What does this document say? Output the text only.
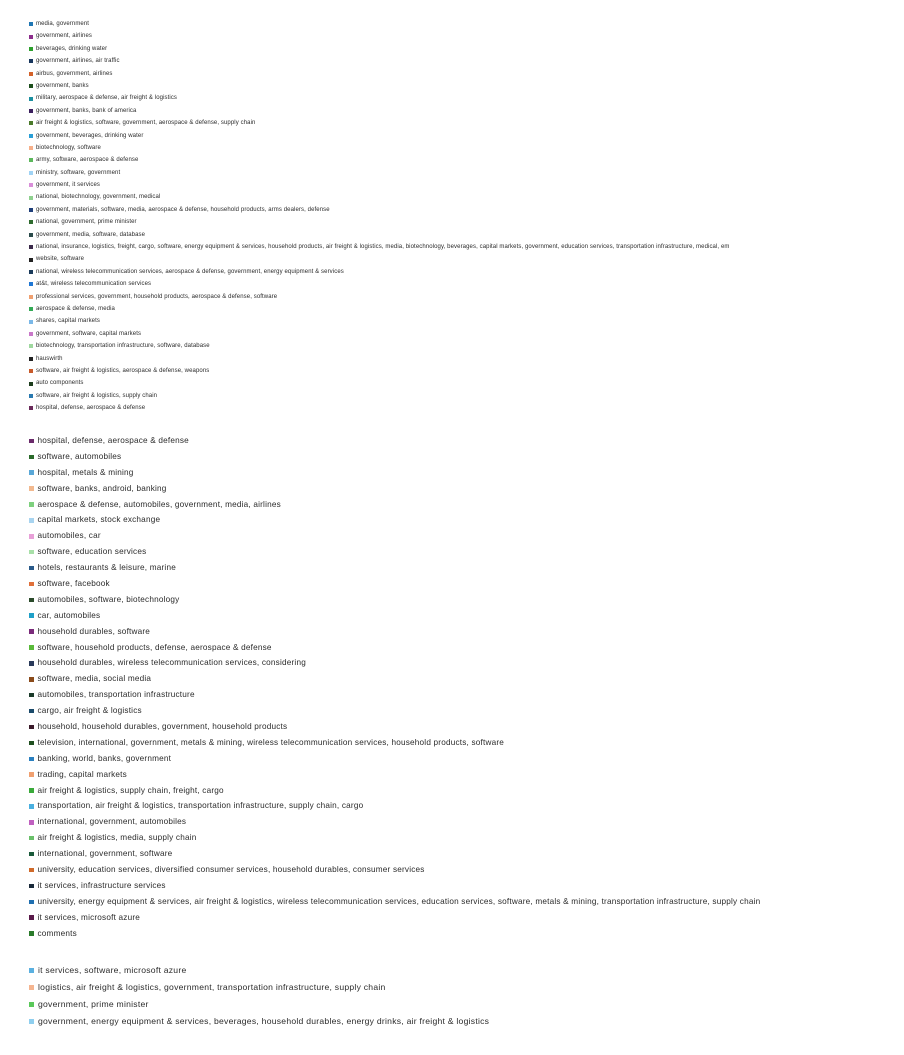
media, government
government, airlines
beverages, drinking water
government, airlines, air traffic
airbus, government, airlines
government, banks
military, aerospace & defense, air freight & logistics
government, banks, bank of america
air freight & logistics, software, government, aerospace & defense, supply chain
government, beverages, drinking water
biotechnology, software
army, software, aerospace & defense
ministry, software, government
government, it services
national, biotechnology, government, medical
government, materials, software, media, aerospace & defense, household products, arms dealers, defense
national, government, prime minister
government, media, software, database
national, insurance, logistics, freight, cargo, software, energy equipment & services, household products, air freight & logistics, media, biotechnology, beverages, capital markets, government, education services, transportation infrastructure, medical, em
website, software
national, wireless telecommunication services, aerospace & defense, government, energy equipment & services
at&t, wireless telecommunication services
professional services, government, household products, aerospace & defense, software
aerospace & defense, media
shares, capital markets
government, software, capital markets
biotechnology, transportation infrastructure, software, database
hauswirth
software, air freight & logistics, aerospace & defense, weapons
auto components
software, air freight & logistics, supply chain
hospital, defense, aerospace & defense
hospital, defense, aerospace & defense
software, automobiles
hospital, metals & mining
software, banks, android, banking
aerospace & defense, automobiles, government, media, airlines
capital markets, stock exchange
automobiles, car
software, education services
hotels, restaurants & leisure, marine
software, facebook
automobiles, software, biotechnology
car, automobiles
household durables, software
software, household products, defense, aerospace & defense
household durables, wireless telecommunication services, considering
software, media, social media
automobiles, transportation infrastructure
cargo, air freight & logistics
household, household durables, government, household products
television, international, government, metals & mining, wireless telecommunication services, household products, software
banking, world, banks, government
trading, capital markets
air freight & logistics, supply chain, freight, cargo
transportation, air freight & logistics, transportation infrastructure, supply chain, cargo
international, government, automobiles
air freight & logistics, media, supply chain
international, government, software
university, education services, diversified consumer services, household durables, consumer services
it services, infrastructure services
university, energy equipment & services, air freight & logistics, wireless telecommunication services, education services, software, metals & mining, transportation infrastructure, supply chain
it services, microsoft azure
comments
it services, software, microsoft azure
logistics, air freight & logistics, government, transportation infrastructure, supply chain
government, prime minister
government, energy equipment & services, beverages, household durables, energy drinks, air freight & logistics
